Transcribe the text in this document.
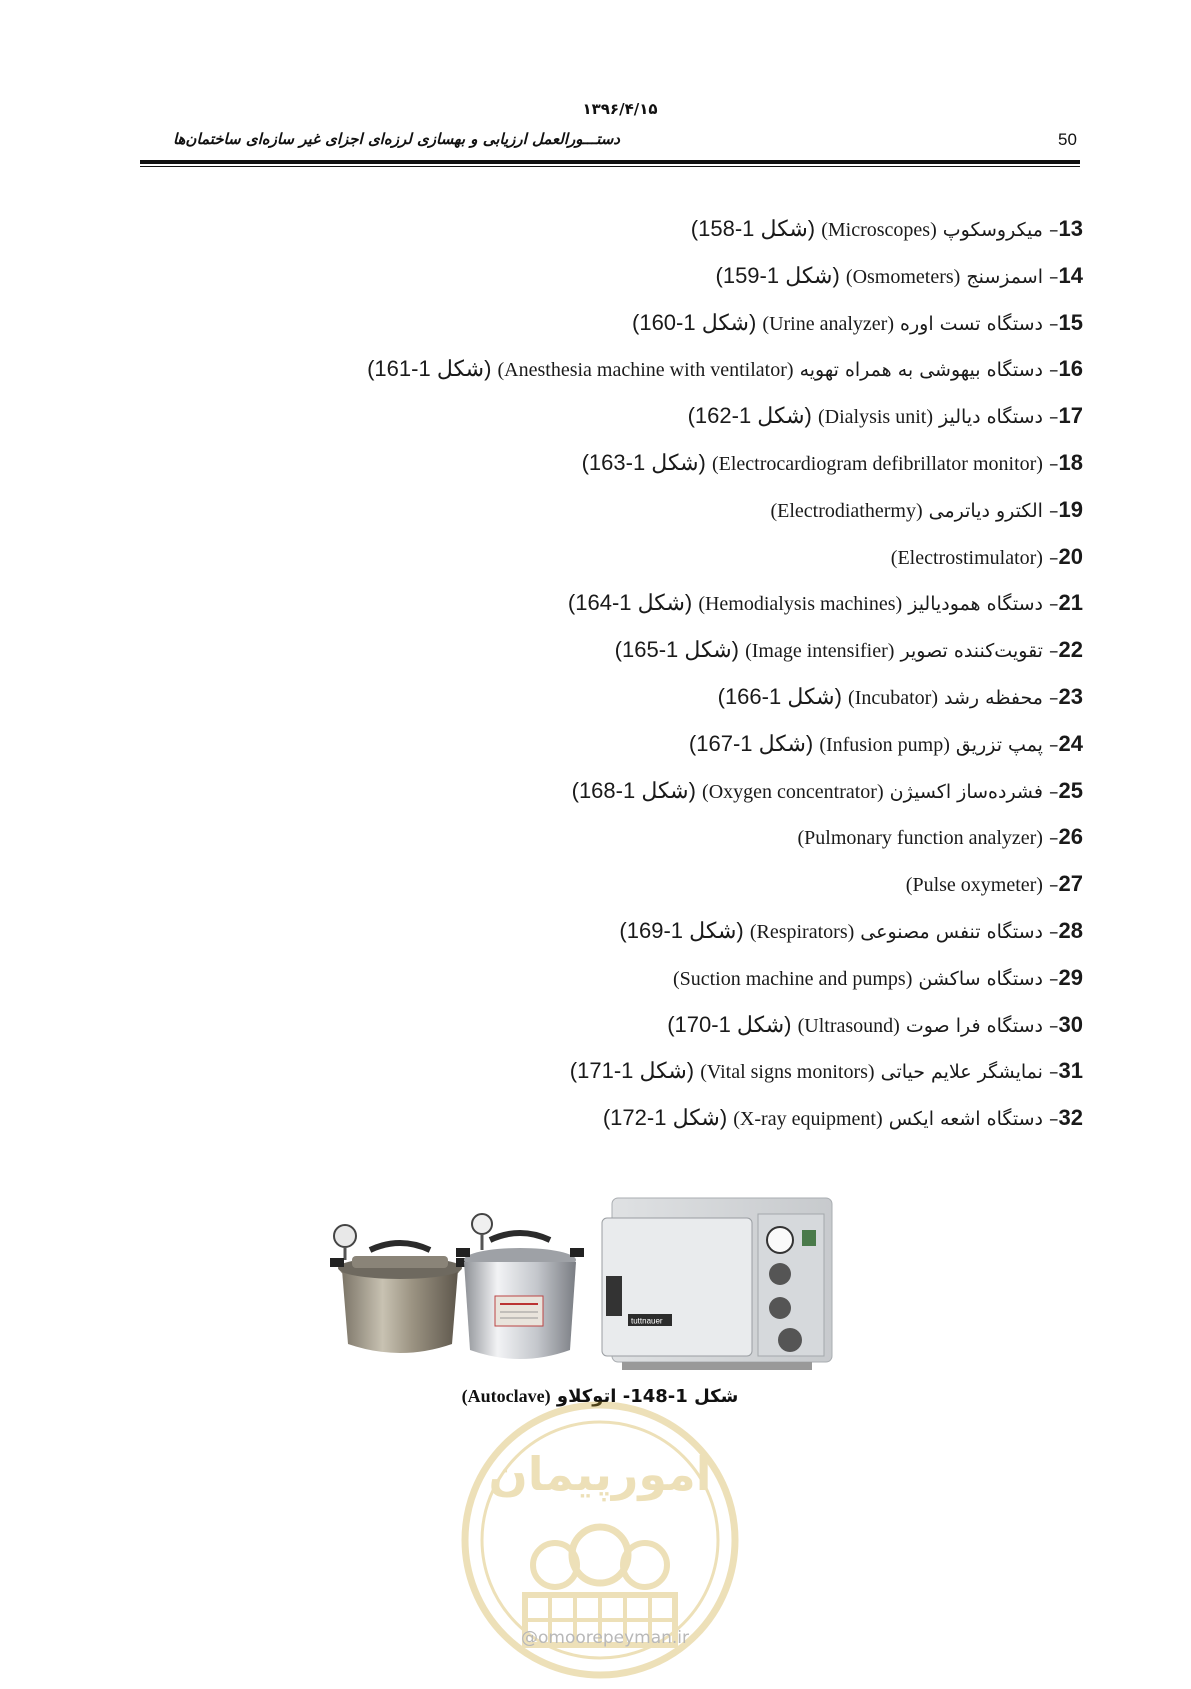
۱۳۹۶/۴/۱۵
دستـــورالعمل ارزیابی و بهسازی لرزه‌ای اجزای غیر سازه‌ای ساختمان‌ها	50
13– میکروسکوپ (Microscopes) (شکل 1-158)
14– اسمزسنج (Osmometers) (شکل 1-159)
15– دستگاه تست اوره (Urine analyzer) (شکل 1-160)
16– دستگاه بیهوشی به همراه تهویه (Anesthesia machine with ventilator) (شکل 1-161)
17– دستگاه دیالیز (Dialysis unit) (شکل 1-162)
18– (Electrocardiogram defibrillator monitor) (شکل 1-163)
19– الکترو دیاترمی (Electrodiathermy)
20– (Electrostimulator)
21– دستگاه همودیالیز (Hemodialysis machines) (شکل 1-164)
22– تقویت‌کننده تصویر (Image intensifier) (شکل 1-165)
23– محفظه رشد (Incubator) (شکل 1-166)
24– پمپ تزریق (Infusion pump) (شکل 1-167)
25– فشرده‌ساز اکسیژن (Oxygen concentrator) (شکل 1-168)
26– (Pulmonary function analyzer)
27– (Pulse oxymeter)
28– دستگاه تنفس مصنوعی (Respirators) (شکل 1-169)
29– دستگاه ساکشن (Suction machine and pumps)
30– دستگاه فرا صوت (Ultrasound) (شکل 1-170)
31– نمایشگر علایم حیاتی (Vital signs monitors) (شکل 1-171)
32– دستگاه اشعه ایکس (X-ray equipment) (شکل 1-172)
tuttnauer
شکل 1-148- اتوکلاو (Autoclave)
امورپیمان
@omoorepeyman.ir
